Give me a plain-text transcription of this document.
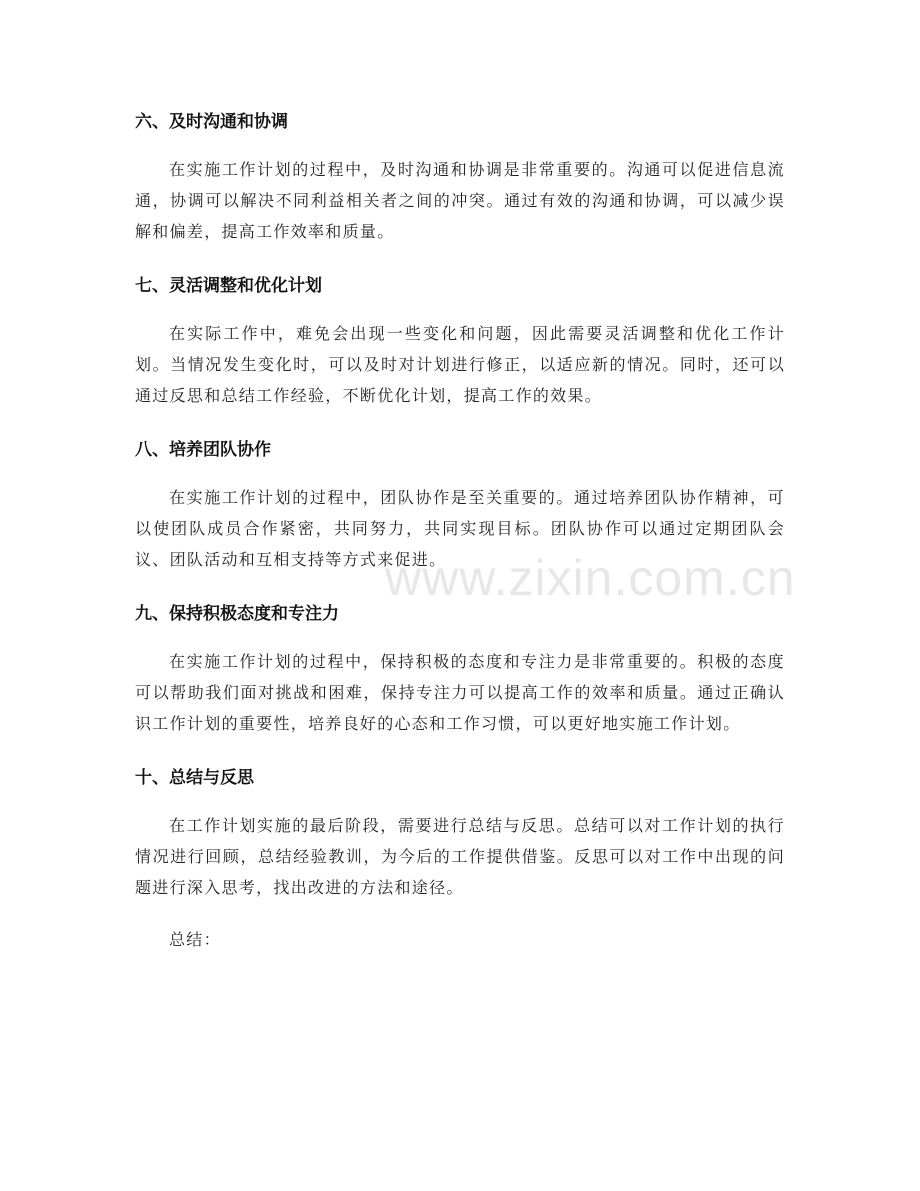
六、及时沟通和协调

在实施工作计划的过程中，及时沟通和协调是非常重要的。沟通可以促进信息流通，协调可以解决不同利益相关者之间的冲突。通过有效的沟通和协调，可以减少误解和偏差，提高工作效率和质量。

七、灵活调整和优化计划

在实际工作中，难免会出现一些变化和问题，因此需要灵活调整和优化工作计划。当情况发生变化时，可以及时对计划进行修正，以适应新的情况。同时，还可以通过反思和总结工作经验，不断优化计划，提高工作的效果。

八、培养团队协作

在实施工作计划的过程中，团队协作是至关重要的。通过培养团队协作精神，可以使团队成员合作紧密，共同努力，共同实现目标。团队协作可以通过定期团队会议、团队活动和互相支持等方式来促进。

九、保持积极态度和专注力

在实施工作计划的过程中，保持积极的态度和专注力是非常重要的。积极的态度可以帮助我们面对挑战和困难，保持专注力可以提高工作的效率和质量。通过正确认识工作计划的重要性，培养良好的心态和工作习惯，可以更好地实施工作计划。

十、总结与反思

在工作计划实施的最后阶段，需要进行总结与反思。总结可以对工作计划的执行情况进行回顾，总结经验教训，为今后的工作提供借鉴。反思可以对工作中出现的问题进行深入思考，找出改进的方法和途径。

总结：

www.zixin.com.cn
